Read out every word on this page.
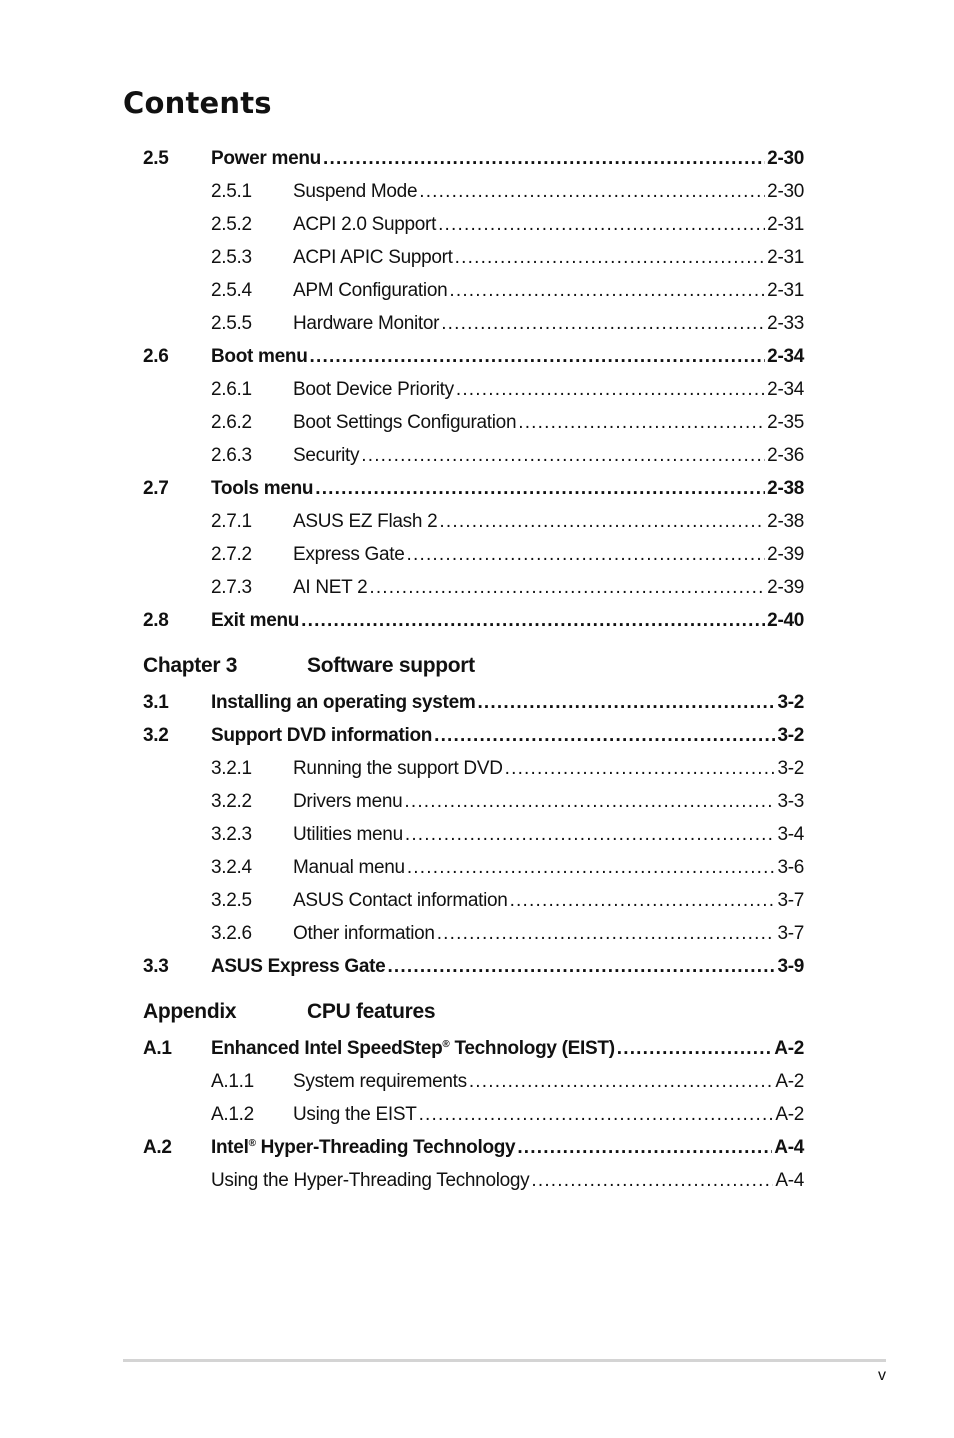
Contents
2.5 Power menu .....	2-30
2.5.1 Suspend Mode .....	2-30
2.5.2 ACPI 2.0 Support .....	2-31
2.5.3 ACPI APIC Support .....	2-31
2.5.4 APM Configuration .....	2-31
2.5.5 Hardware Monitor .....	2-33
2.6 Boot menu .....	2-34
2.6.1 Boot Device Priority .....	2-34
2.6.2 Boot Settings Configuration .....	2-35
2.6.3 Security .....	2-36
2.7 Tools menu .....	2-38
2.7.1 ASUS EZ Flash 2 .....	2-38
2.7.2 Express Gate .....	2-39
2.7.3 AI NET 2 .....	2-39
2.8 Exit menu .....	2-40
Chapter 3	Software support
3.1 Installing an operating system .....	3-2
3.2 Support DVD information .....	3-2
3.2.1 Running the support DVD .....	3-2
3.2.2 Drivers menu .....	3-3
3.2.3 Utilities menu .....	3-4
3.2.4 Manual menu .....	3-6
3.2.5 ASUS Contact information .....	3-7
3.2.6 Other information .....	3-7
3.3 ASUS Express Gate .....	3-9
Appendix	CPU features
A.1 Enhanced Intel SpeedStep® Technology (EIST) .....	A-2
A.1.1 System requirements .....	A-2
A.1.2 Using the EIST .....	A-2
A.2 Intel® Hyper-Threading Technology .....	A-4
Using the Hyper-Threading Technology .....	A-4
v
